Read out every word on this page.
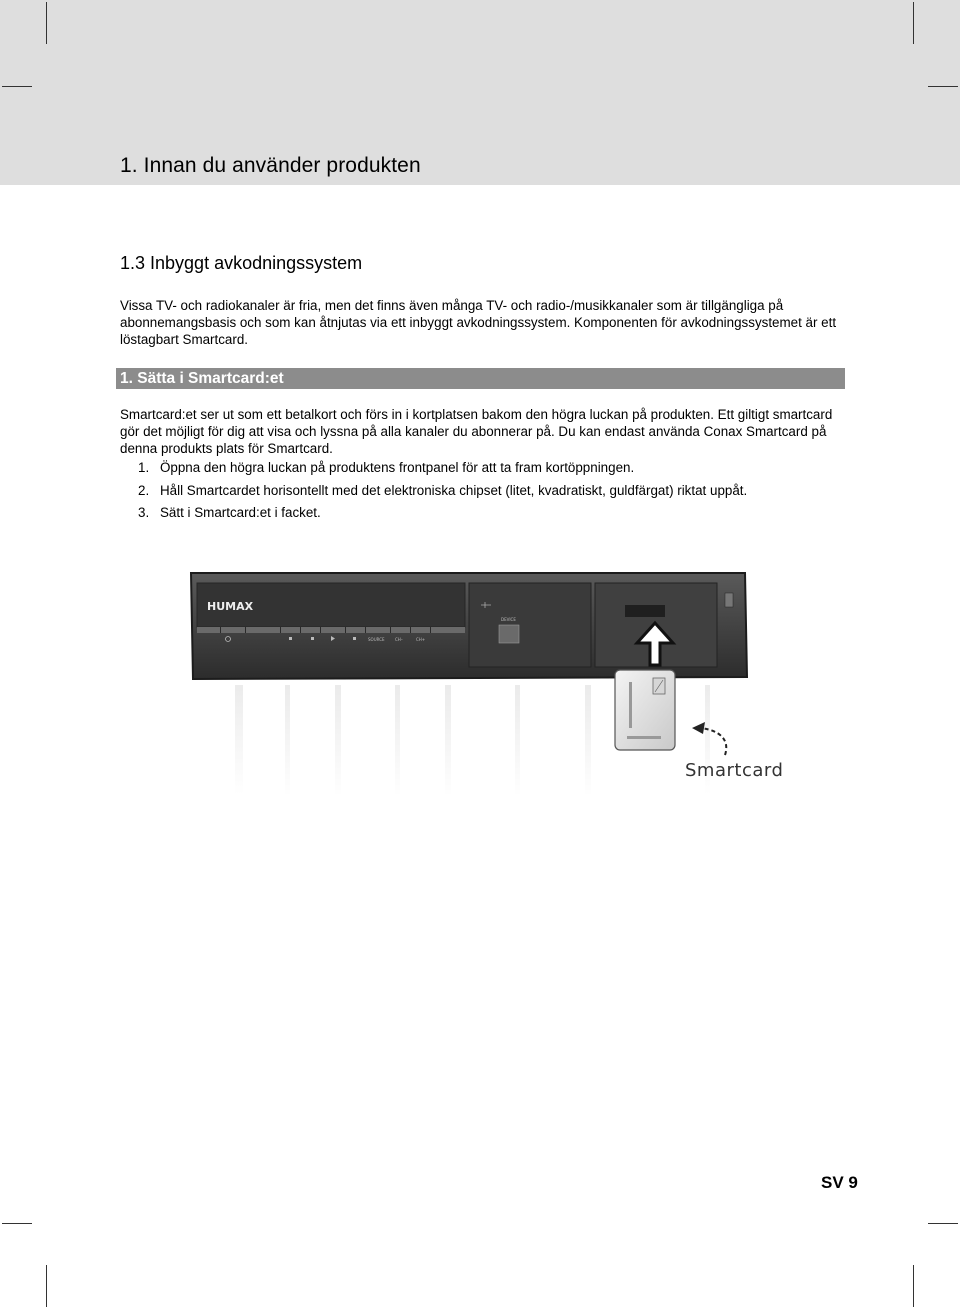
1. Innan du använder produkten
1.3 Inbyggt avkodningssystem

Vissa TV- och radiokanaler är fria, men det finns även många TV- och radio-/musikkanaler som är tillgängliga på abonnemangsbasis och som kan åtnjutas via ett inbyggt avkodningssystem. Komponenten för avkodningssystemet är ett löstagbart Smartcard.

1. Sätta i Smartcard:et

Smartcard:et ser ut som ett betalkort och förs in i kortplatsen bakom den högra luckan på produkten. Ett giltigt smartcard gör det möjligt för dig att visa och lyssna på alla kanaler du abonnerar på. Du kan endast använda Conax Smartcard på denna produkts plats för Smartcard.

1. Öppna den högra luckan på produktens frontpanel för att ta fram kortöppningen.
2. Håll Smartcardet horisontellt med det elektroniska chipset (litet, kvadratiskt, guldfärgat) riktat uppåt.
3. Sätt i Smartcard:et i facket.
HUMAX
SOURCE	CH–	CH+
DEVICE
Smartcard
SV 9
